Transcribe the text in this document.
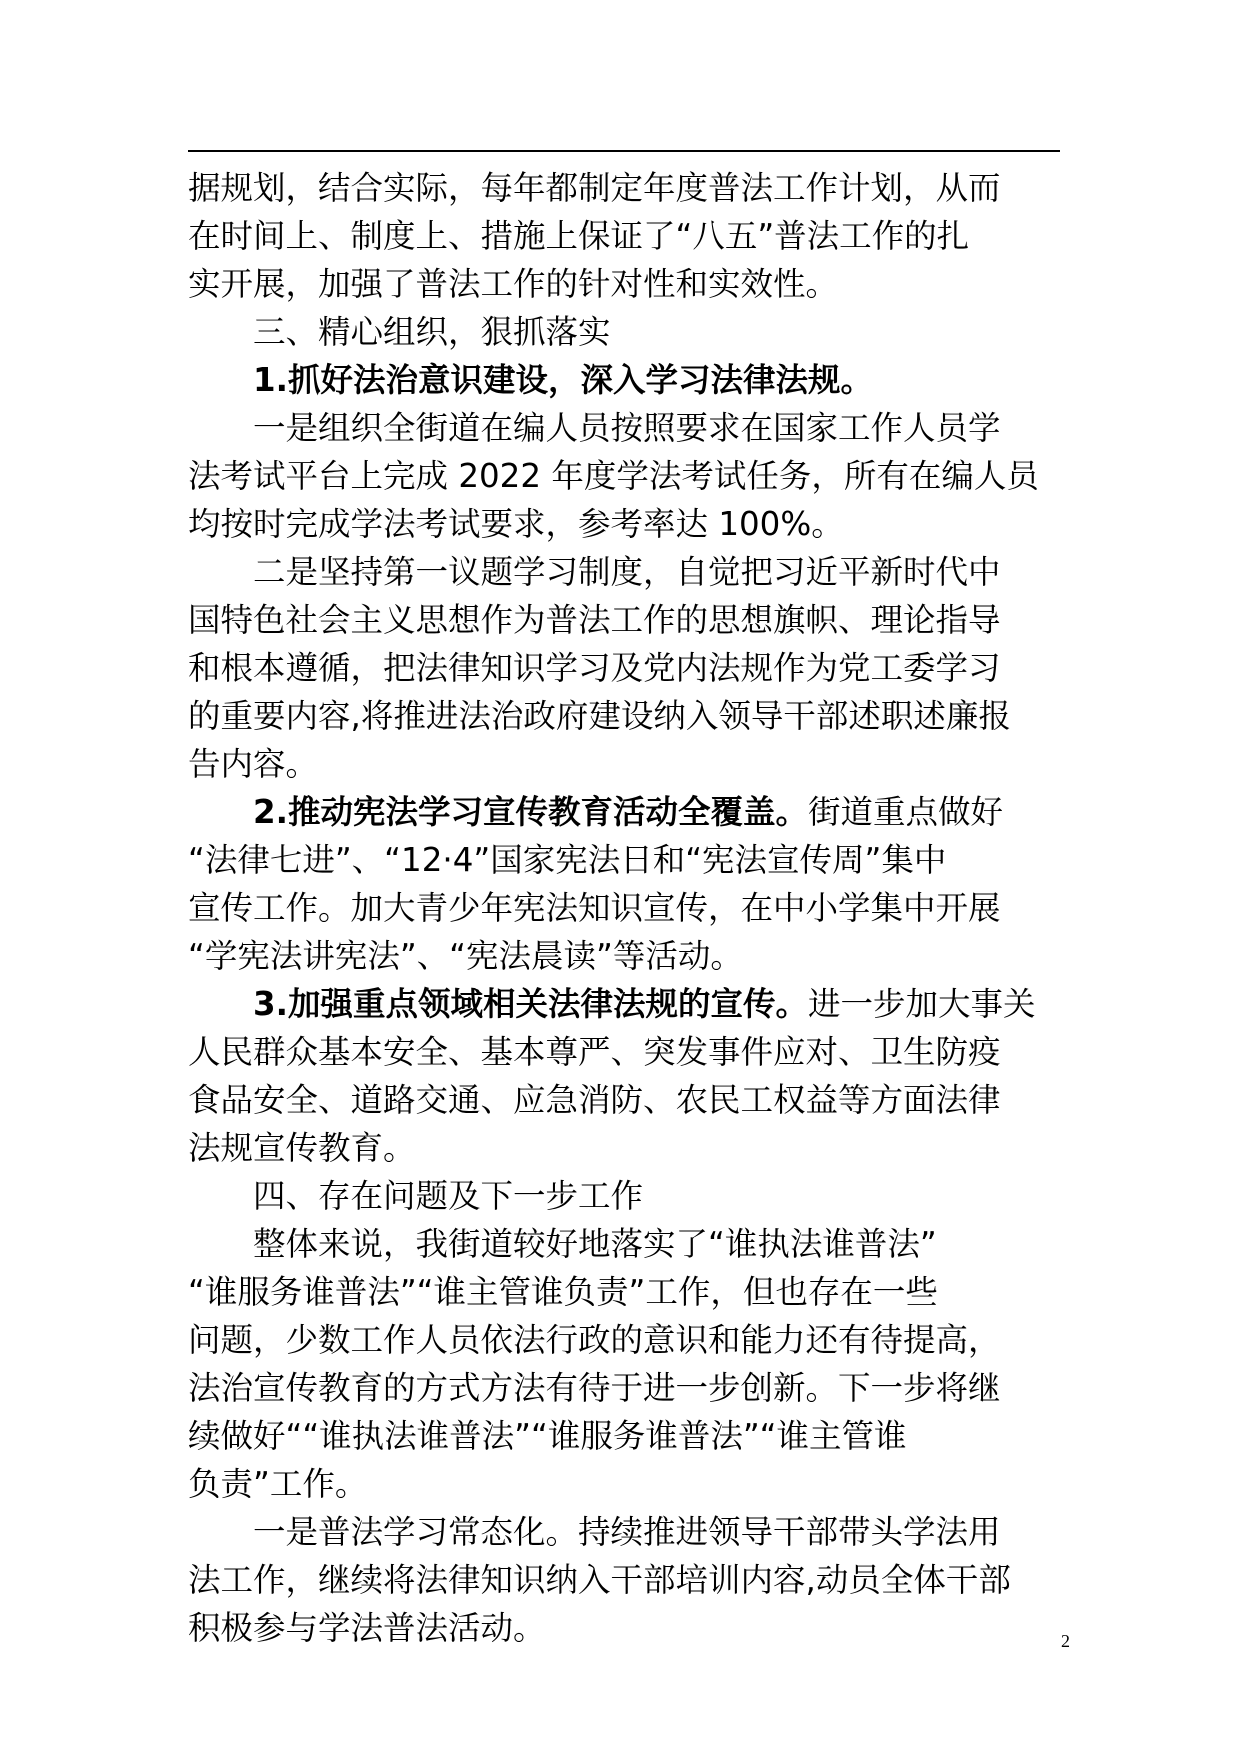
据规划，结合实际，每年都制定年度普法工作计划，从而
在时间上、制度上、措施上保证了“八五”普法工作的扎
实开展，加强了普法工作的针对性和实效性。
三、精心组织，狠抓落实
1.抓好法治意识建设，深入学习法律法规。
一是组织全街道在编人员按照要求在国家工作人员学
法考试平台上完成 2022 年度学法考试任务，所有在编人员
均按时完成学法考试要求，参考率达 100%。
二是坚持第一议题学习制度，自觉把习近平新时代中
国特色社会主义思想作为普法工作的思想旗帜、理论指导
和根本遵循，把法律知识学习及党内法规作为党工委学习
的重要内容,将推进法治政府建设纳入领导干部述职述廉报
告内容。
2.推动宪法学习宣传教育活动全覆盖。街道重点做好
“法律七进”、“12·4”国家宪法日和“宪法宣传周”集中
宣传工作。加大青少年宪法知识宣传，在中小学集中开展
“学宪法讲宪法”、“宪法晨读”等活动。
3.加强重点领域相关法律法规的宣传。进一步加大事关
人民群众基本安全、基本尊严、突发事件应对、卫生防疫
食品安全、道路交通、应急消防、农民工权益等方面法律
法规宣传教育。
四、存在问题及下一步工作
整体来说，我街道较好地落实了“谁执法谁普法”
“谁服务谁普法”“谁主管谁负责”工作，但也存在一些
问题，少数工作人员依法行政的意识和能力还有待提高，
法治宣传教育的方式方法有待于进一步创新。下一步将继
续做好““谁执法谁普法”“谁服务谁普法”“谁主管谁
负责”工作。
一是普法学习常态化。持续推进领导干部带头学法用
法工作，继续将法律知识纳入干部培训内容,动员全体干部
积极参与学法普法活动。	2
